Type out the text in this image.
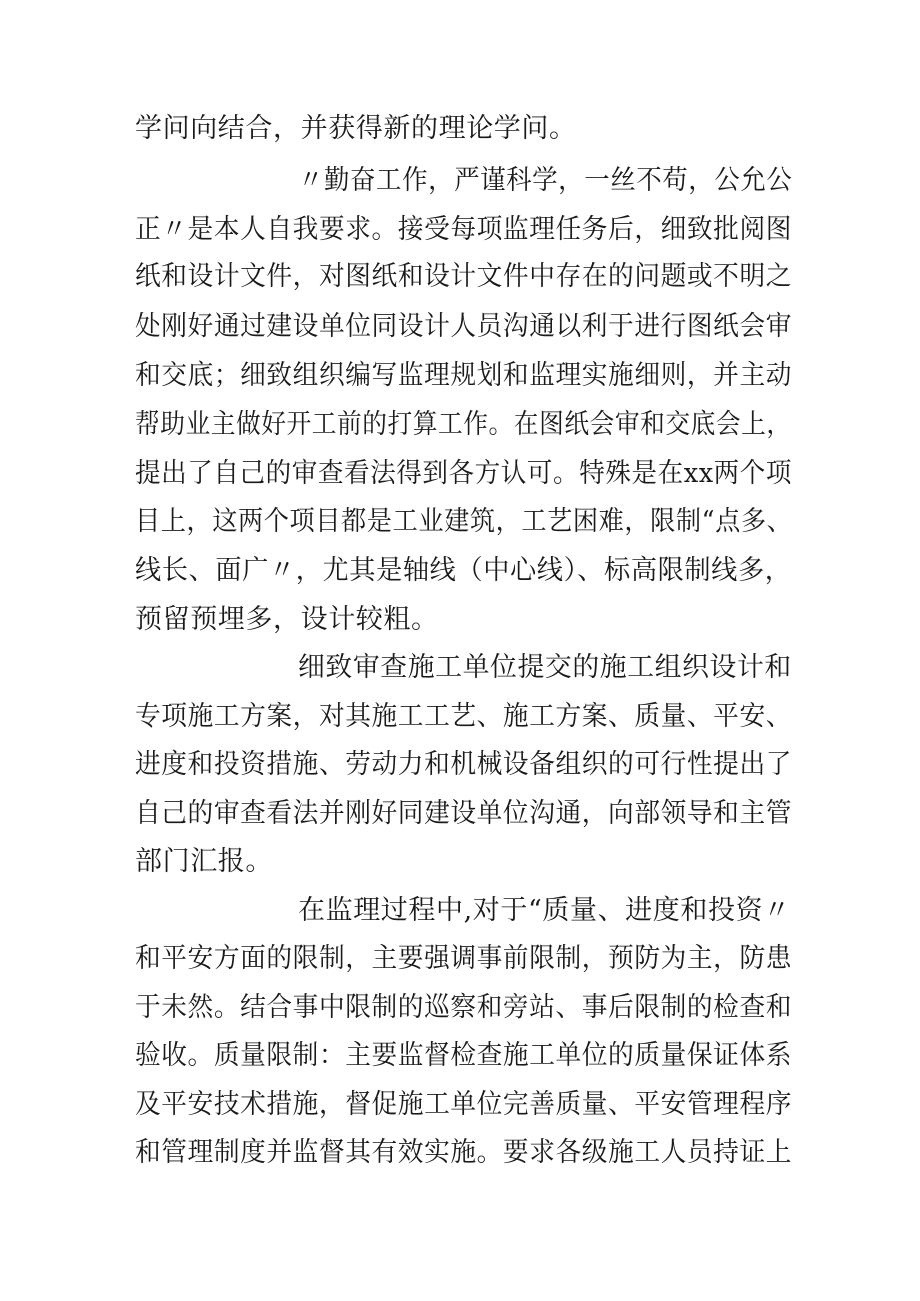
学问向结合，并获得新的理论学问。
〃勤奋工作，严谨科学，一丝不苟，公允公
正〃是本人自我要求。接受每项监理任务后，细致批阅图
纸和设计文件，对图纸和设计文件中存在的问题或不明之
处刚好通过建设单位同设计人员沟通以利于进行图纸会审
和交底；细致组织编写监理规划和监理实施细则，并主动
帮助业主做好开工前的打算工作。在图纸会审和交底会上，
提出了自己的审查看法得到各方认可。特殊是在xx两个项
目上，这两个项目都是工业建筑，工艺困难，限制“点多、
线长、面广〃，尤其是轴线（中心线）、标高限制线多，
预留预埋多，设计较粗。
细致审查施工单位提交的施工组织设计和
专项施工方案，对其施工工艺、施工方案、质量、平安、
进度和投资措施、劳动力和机械设备组织的可行性提出了
自己的审查看法并刚好同建设单位沟通，向部领导和主管
部门汇报。
在监理过程中,对于“质量、进度和投资〃
和平安方面的限制，主要强调事前限制，预防为主，防患
于未然。结合事中限制的巡察和旁站、事后限制的检查和
验收。质量限制：主要监督检查施工单位的质量保证体系
及平安技术措施，督促施工单位完善质量、平安管理程序
和管理制度并监督其有效实施。要求各级施工人员持证上
